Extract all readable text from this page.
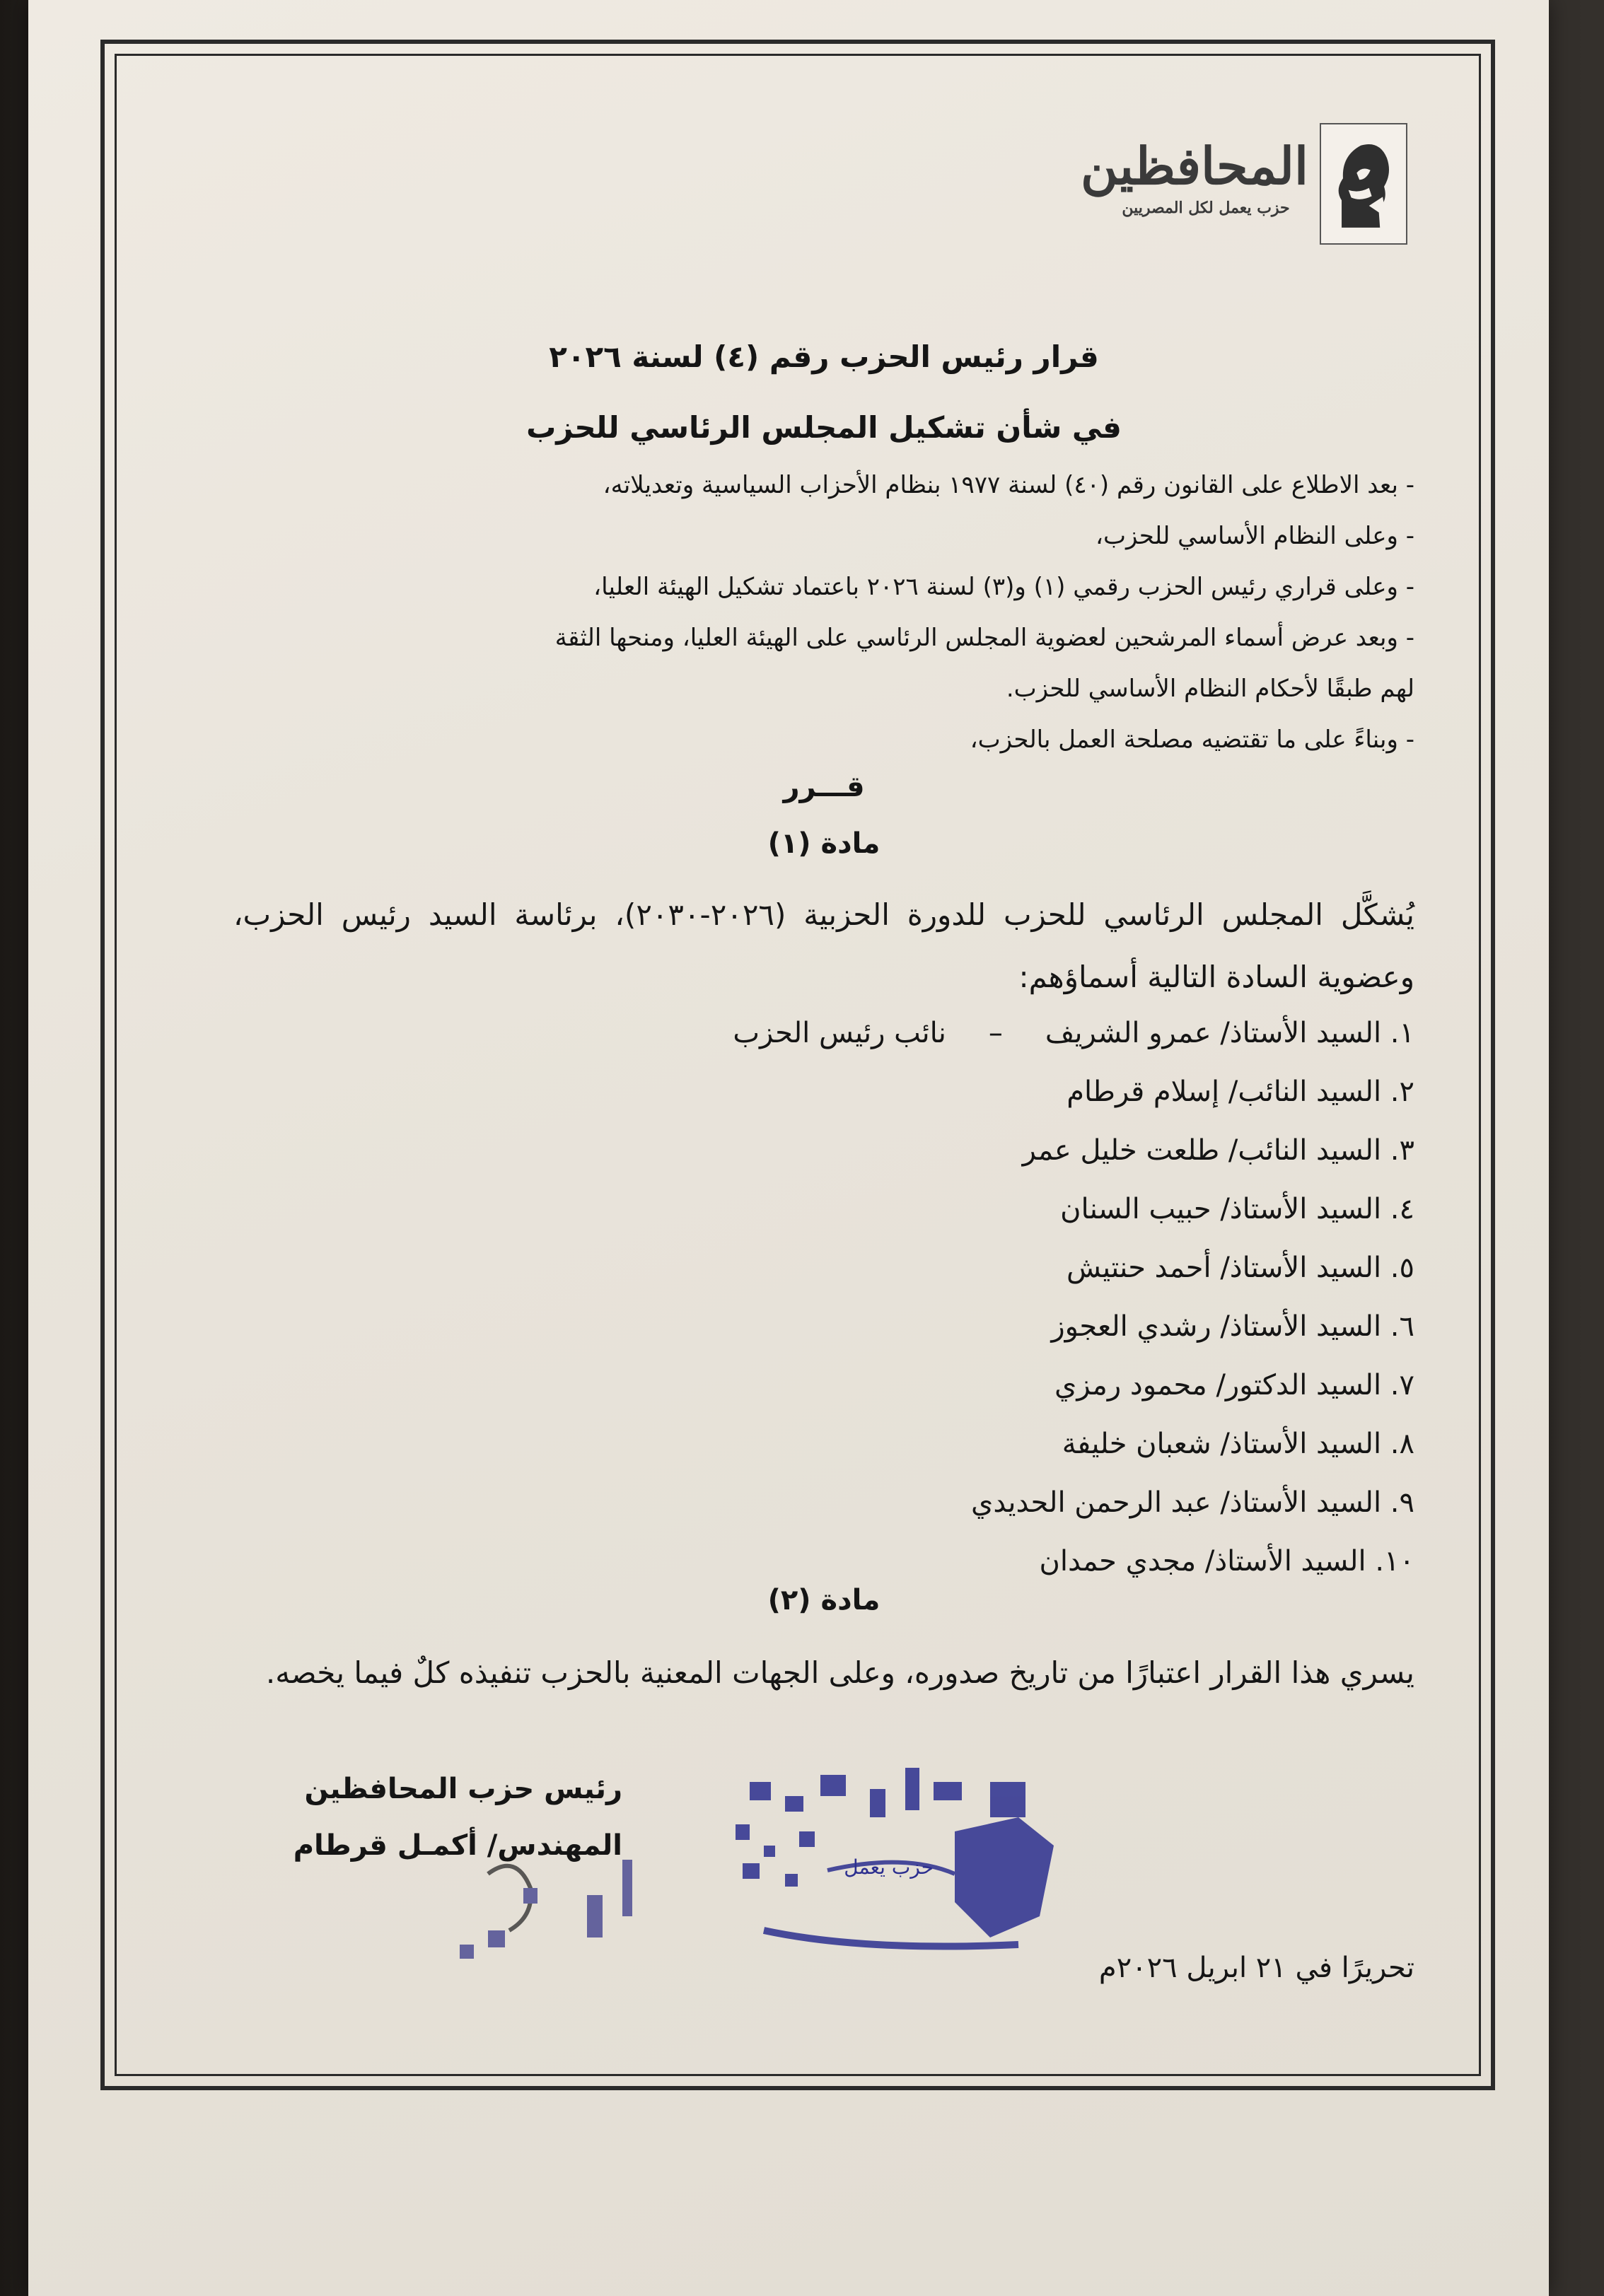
المحافظين
حزب يعمل لكل المصريين
قرار رئيس الحزب رقم (٤) لسنة ٢٠٢٦
في شأن تشكيل المجلس الرئاسي للحزب

- بعد الاطلاع على القانون رقم (٤٠) لسنة ١٩٧٧ بنظام الأحزاب السياسية وتعديلاته،

- وعلى النظام الأساسي للحزب،

- وعلى قراري رئيس الحزب رقمي (١) و(٣) لسنة ٢٠٢٦ باعتماد تشكيل الهيئة العليا،

- وبعد عرض أسماء المرشحين لعضوية المجلس الرئاسي على الهيئة العليا، ومنحها الثقة

لهم طبقًا لأحكام النظام الأساسي للحزب.

- وبناءً على ما تقتضيه مصلحة العمل بالحزب،

قـــرر
مادة (١)
يُشكَّل المجلس الرئاسي للحزب للدورة الحزبية (٢٠٢٦-٢٠٣٠)، برئاسة السيد رئيس الحزب، وعضوية السادة التالية أسماؤهم:
١. السيد الأستاذ/ عمرو الشريف–نائب رئيس الحزب
٢. السيد النائب/ إسلام قرطام
٣. السيد النائب/ طلعت خليل عمر
٤. السيد الأستاذ/ حبيب السنان
٥. السيد الأستاذ/ أحمد حنتيش
٦. السيد الأستاذ/ رشدي العجوز
٧. السيد الدكتور/ محمود رمزي
٨. السيد الأستاذ/ شعبان خليفة
٩. السيد الأستاذ/ عبد الرحمن الحديدي
١٠. السيد الأستاذ/ مجدي حمدان
مادة (٢)
يسري هذا القرار اعتبارًا من تاريخ صدوره، وعلى الجهات المعنية بالحزب تنفيذه كلٌ فيما يخصه.
حزب يعمل
رئيس حزب المحافظين
المهندس/ أكمـل قرطام
تحريرًا في ٢١ ابريل ٢٠٢٦م
